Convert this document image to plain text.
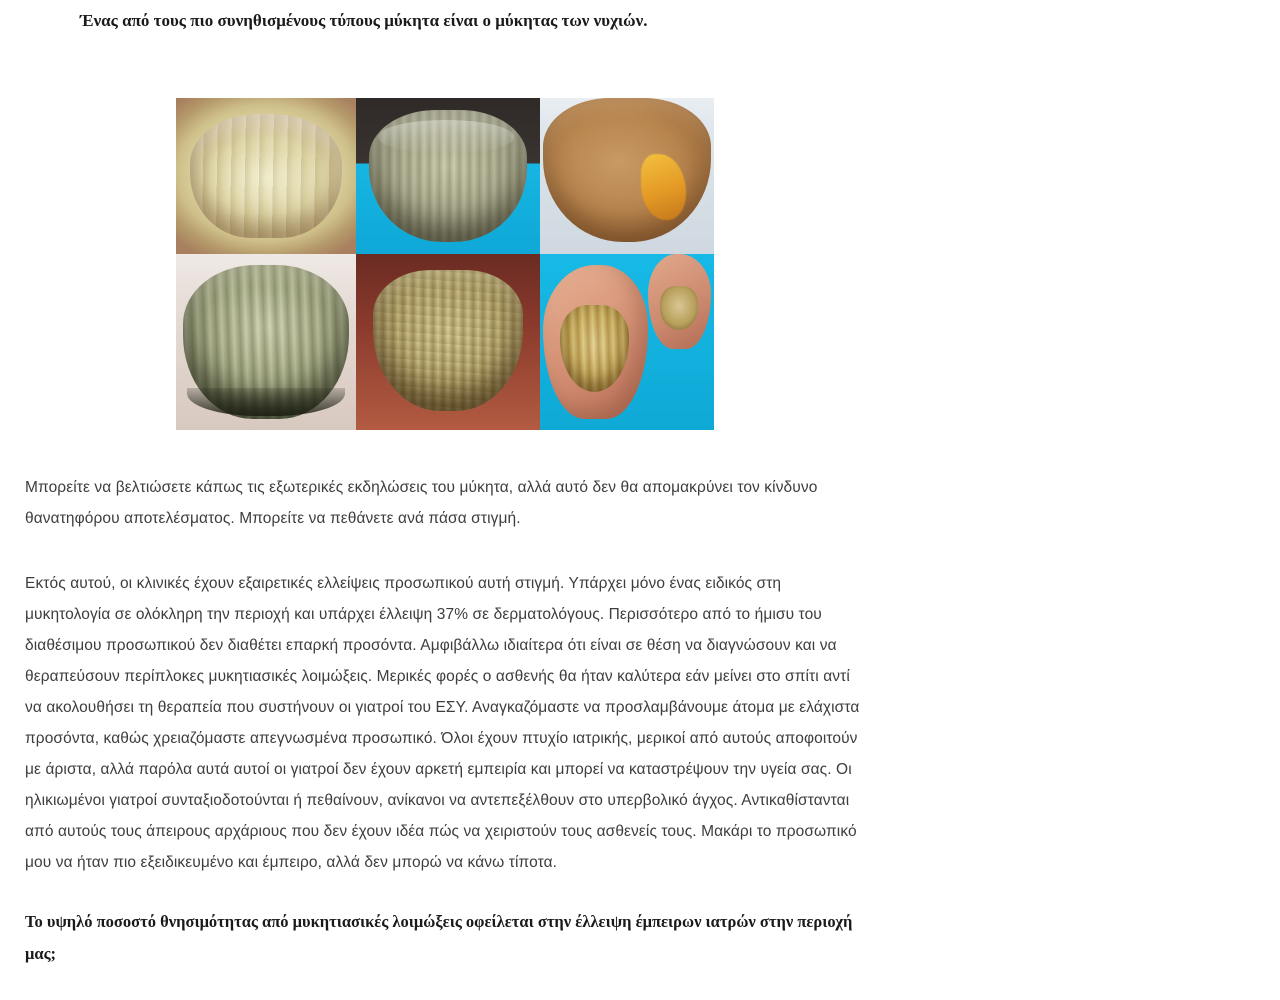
Ένας από τους πιο συνηθισμένους τύπους μύκητα είναι ο μύκητας των νυχιών.

Μπορείτε να βελτιώσετε κάπως τις εξωτερικές εκδηλώσεις του μύκητα, αλλά αυτό δεν θα απομακρύνει τον κίνδυνο θανατηφόρου αποτελέσματος. Μπορείτε να πεθάνετε ανά πάσα στιγμή.

Εκτός αυτού, οι κλινικές έχουν εξαιρετικές ελλείψεις προσωπικού αυτή στιγμή. Υπάρχει μόνο ένας ειδικός στη μυκητολογία σε ολόκληρη την περιοχή και υπάρχει έλλειψη 37% σε δερματολόγους. Περισσότερο από το ήμισυ του διαθέσιμου προσωπικού δεν διαθέτει επαρκή προσόντα. Αμφιβάλλω ιδιαίτερα ότι είναι σε θέση να διαγνώσουν και να θεραπεύσουν περίπλοκες μυκητιασικές λοιμώξεις. Μερικές φορές ο ασθενής θα ήταν καλύτερα εάν μείνει στο σπίτι αντί να ακολουθήσει τη θεραπεία που συστήνουν οι γιατροί του ΕΣΥ. Αναγκαζόμαστε να προσλαμβάνουμε άτομα με ελάχιστα προσόντα, καθώς χρειαζόμαστε απεγνωσμένα προσωπικό. Όλοι έχουν πτυχίο ιατρικής, μερικοί από αυτούς αποφοιτούν με άριστα, αλλά παρόλα αυτά αυτοί οι γιατροί δεν έχουν αρκετή εμπειρία και μπορεί να καταστρέψουν την υγεία σας. Οι ηλικιωμένοι γιατροί συνταξιοδοτούνται ή πεθαίνουν, ανίκανοι να αντεπεξέλθουν στο υπερβολικό άγχος. Αντικαθίστανται από αυτούς τους άπειρους αρχάριους που δεν έχουν ιδέα πώς να χειριστούν τους ασθενείς τους. Μακάρι το προσωπικό μου να ήταν πιο εξειδικευμένο και έμπειρο, αλλά δεν μπορώ να κάνω τίποτα.

Το υψηλό ποσοστό θνησιμότητας από μυκητιασικές λοιμώξεις οφείλεται στην έλλειψη έμπειρων ιατρών στην περιοχή μας;
